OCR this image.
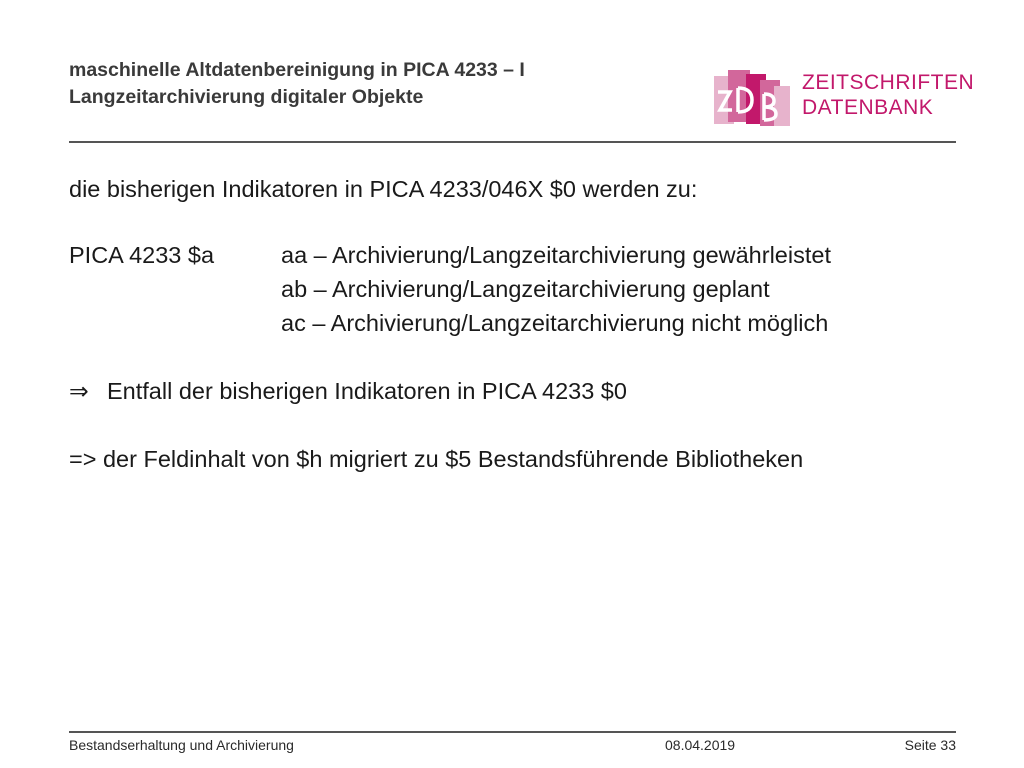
maschinelle Altdatenbereinigung in PICA 4233 – I
Langzeitarchivierung digitaler Objekte
ZEITSCHRIFTEN
DATENBANK
die bisherigen Indikatoren in PICA 4233/046X $0 werden zu:
PICA 4233 $a	aa – Archivierung/Langzeitarchivierung gewährleistet
ab – Archivierung/Langzeitarchivierung geplant
ac – Archivierung/Langzeitarchivierung nicht möglich
⇒ Entfall der bisherigen Indikatoren in PICA 4233 $0
=> der Feldinhalt von $h migriert zu $5 Bestandsführende Bibliotheken
Bestandserhaltung und Archivierung	08.04.2019	Seite 33
